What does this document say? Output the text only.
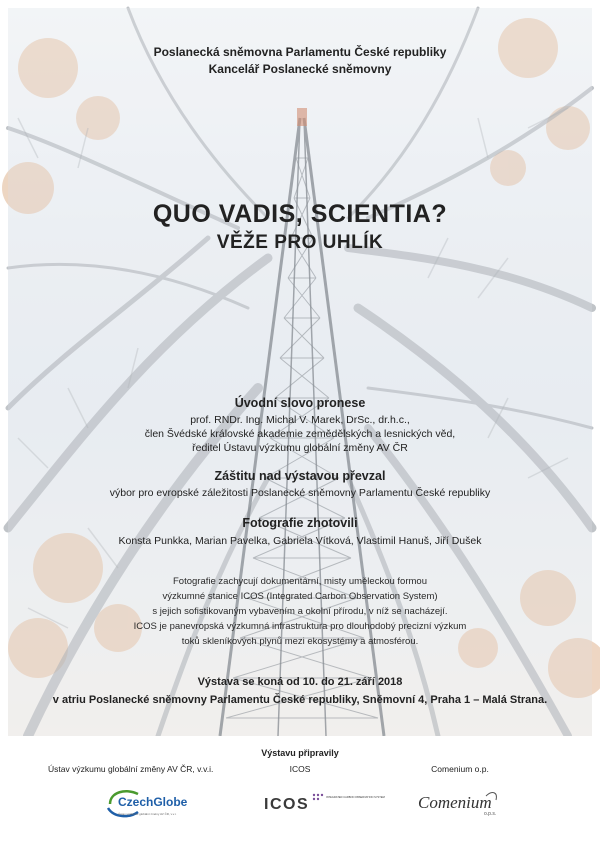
Poslanecká sněmovna Parlamentu České republiky
Kancelář Poslanecké sněmovny
QUO VADIS, SCIENTIA?
VĚŽE PRO UHLÍK
Úvodní slovo pronese
prof. RNDr. Ing. Michal V. Marek, DrSc., dr.h.c.,
člen Švédské královské akademie zemědělských a lesnických věd,
ředitel Ústavu výzkumu globální změny AV ČR
Záštitu nad výstavou převzal
výbor pro evropské záležitosti Poslanecké sněmovny Parlamentu České republiky
Fotografie zhotovili
Konsta Punkka, Marian Pavelka, Gabriela Vítková, Vlastimil Hanuš, Jiří Dušek
Fotografie zachycují dokumentární, misty uměleckou formou
výzkumné stanice ICOS (Integrated Carbon Observation System)
s jejich sofistikovaným vybavením a okolní přírodu, v níž se nacházejí.
ICOS je panevropská výzkumná infrastruktura pro dlouhodobý precizní výzkum
toků skleníkových plynů mezi ekosystémy a atmosférou.
Výstava se koná od 10. do 21. září 2018
v atriu Poslanecké sněmovny Parlamentu České republiky, Sněmovní 4, Praha 1 – Malá Strana.
Výstavu připravily
Ústav výzkumu globální změny AV ČR, v.v.i.	ICOS	Comenium o.p.
CzechGlobe
Ústav výzkumu globální změny AV ČR, v.v.i.
ICOS	INTEGRATED CARBON OBSERVATION SYSTEM Comenium
o.p.s.
